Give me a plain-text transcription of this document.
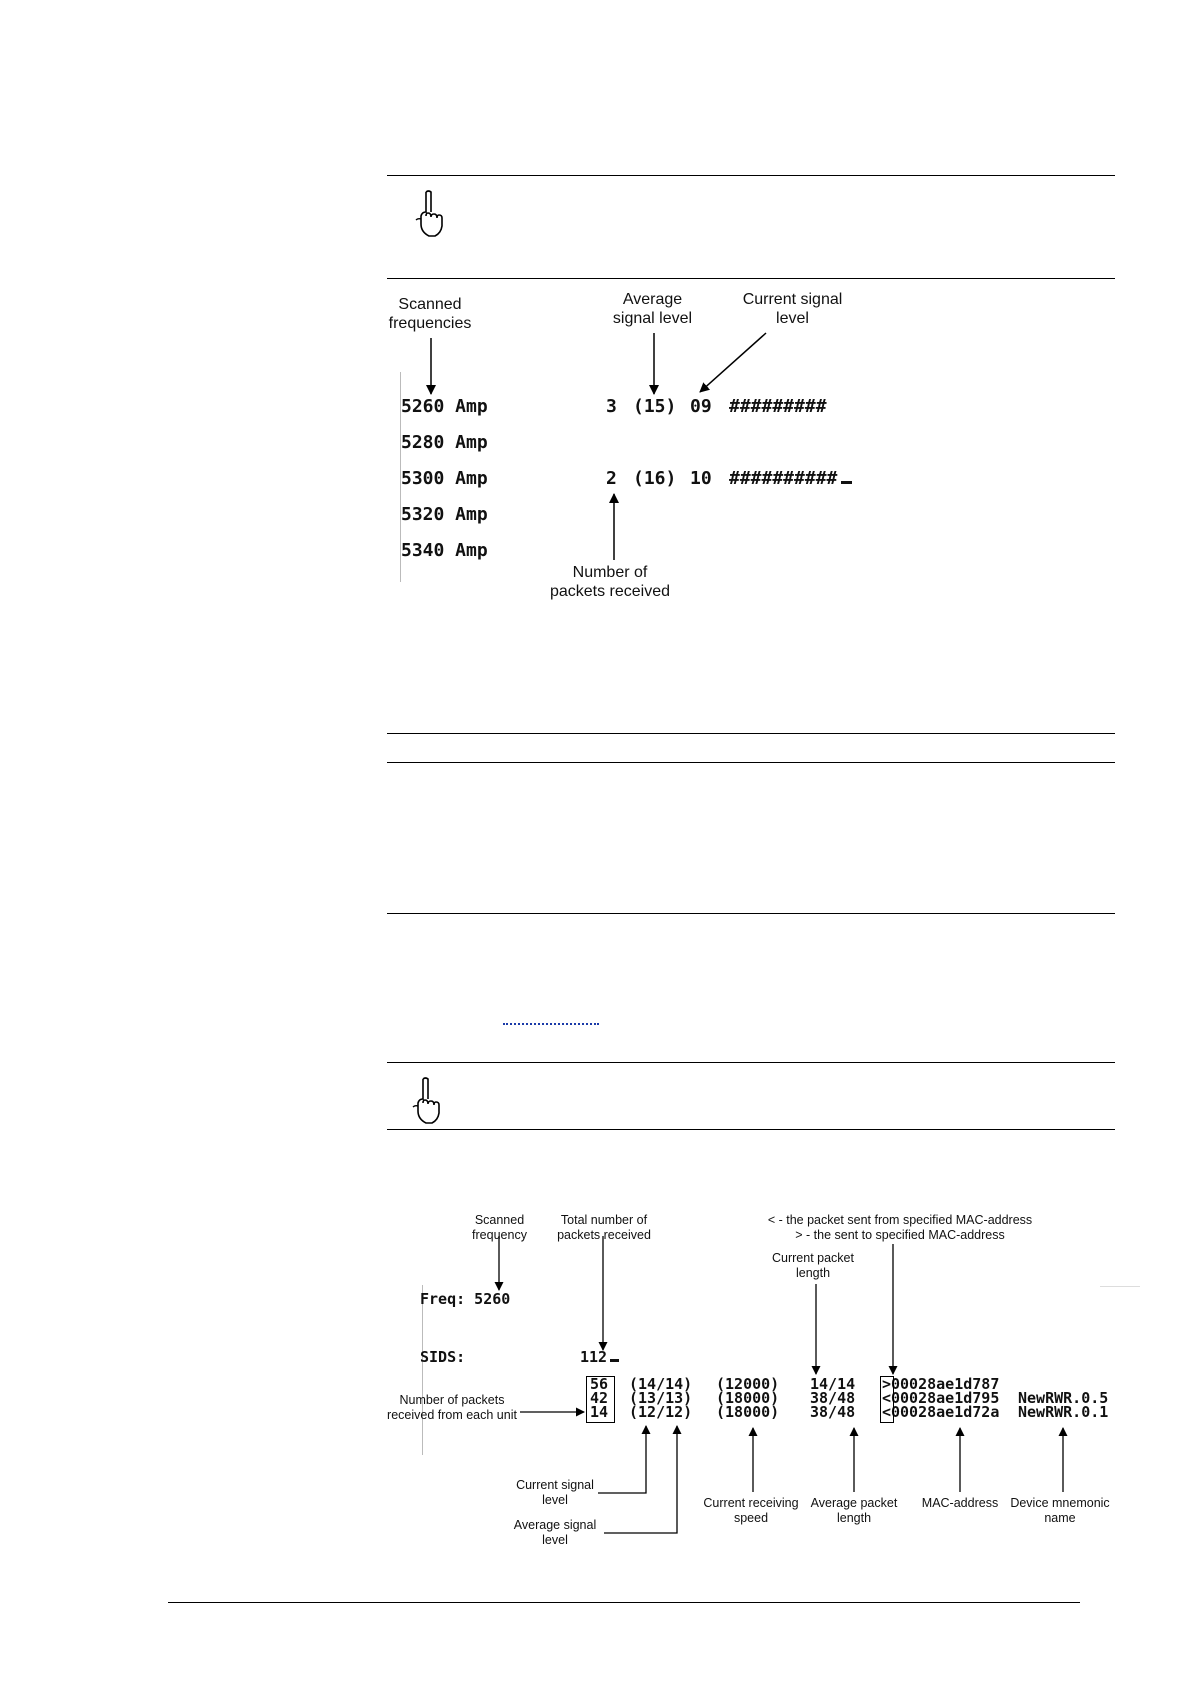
Scanned frequencies
Average signal level
Current signal level
Number of packets received
5260 Amp	3 (15) 09 #########
5280 Amp
5300 Amp	2 (16) 10 ##########
5320 Amp
5340 Amp
Scanned frequency
Total number of packets received
< - the packet sent from specified MAC-address
> - the sent to specified MAC-address
Current packet length
Number of packets received from each unit
Current signal level
Average signal level
Current receiving speed
Average packet length
MAC-address Device mnemonic name
Freq: 5260
SIDS:	112
56 (14/14) (12000) 14/14 > 00028ae1d787
42 (13/13) (18000) 38/48 < 00028ae1d795 NewRWR.0.5
14 (12/12) (18000) 38/48 < 00028ae1d72a NewRWR.0.1
